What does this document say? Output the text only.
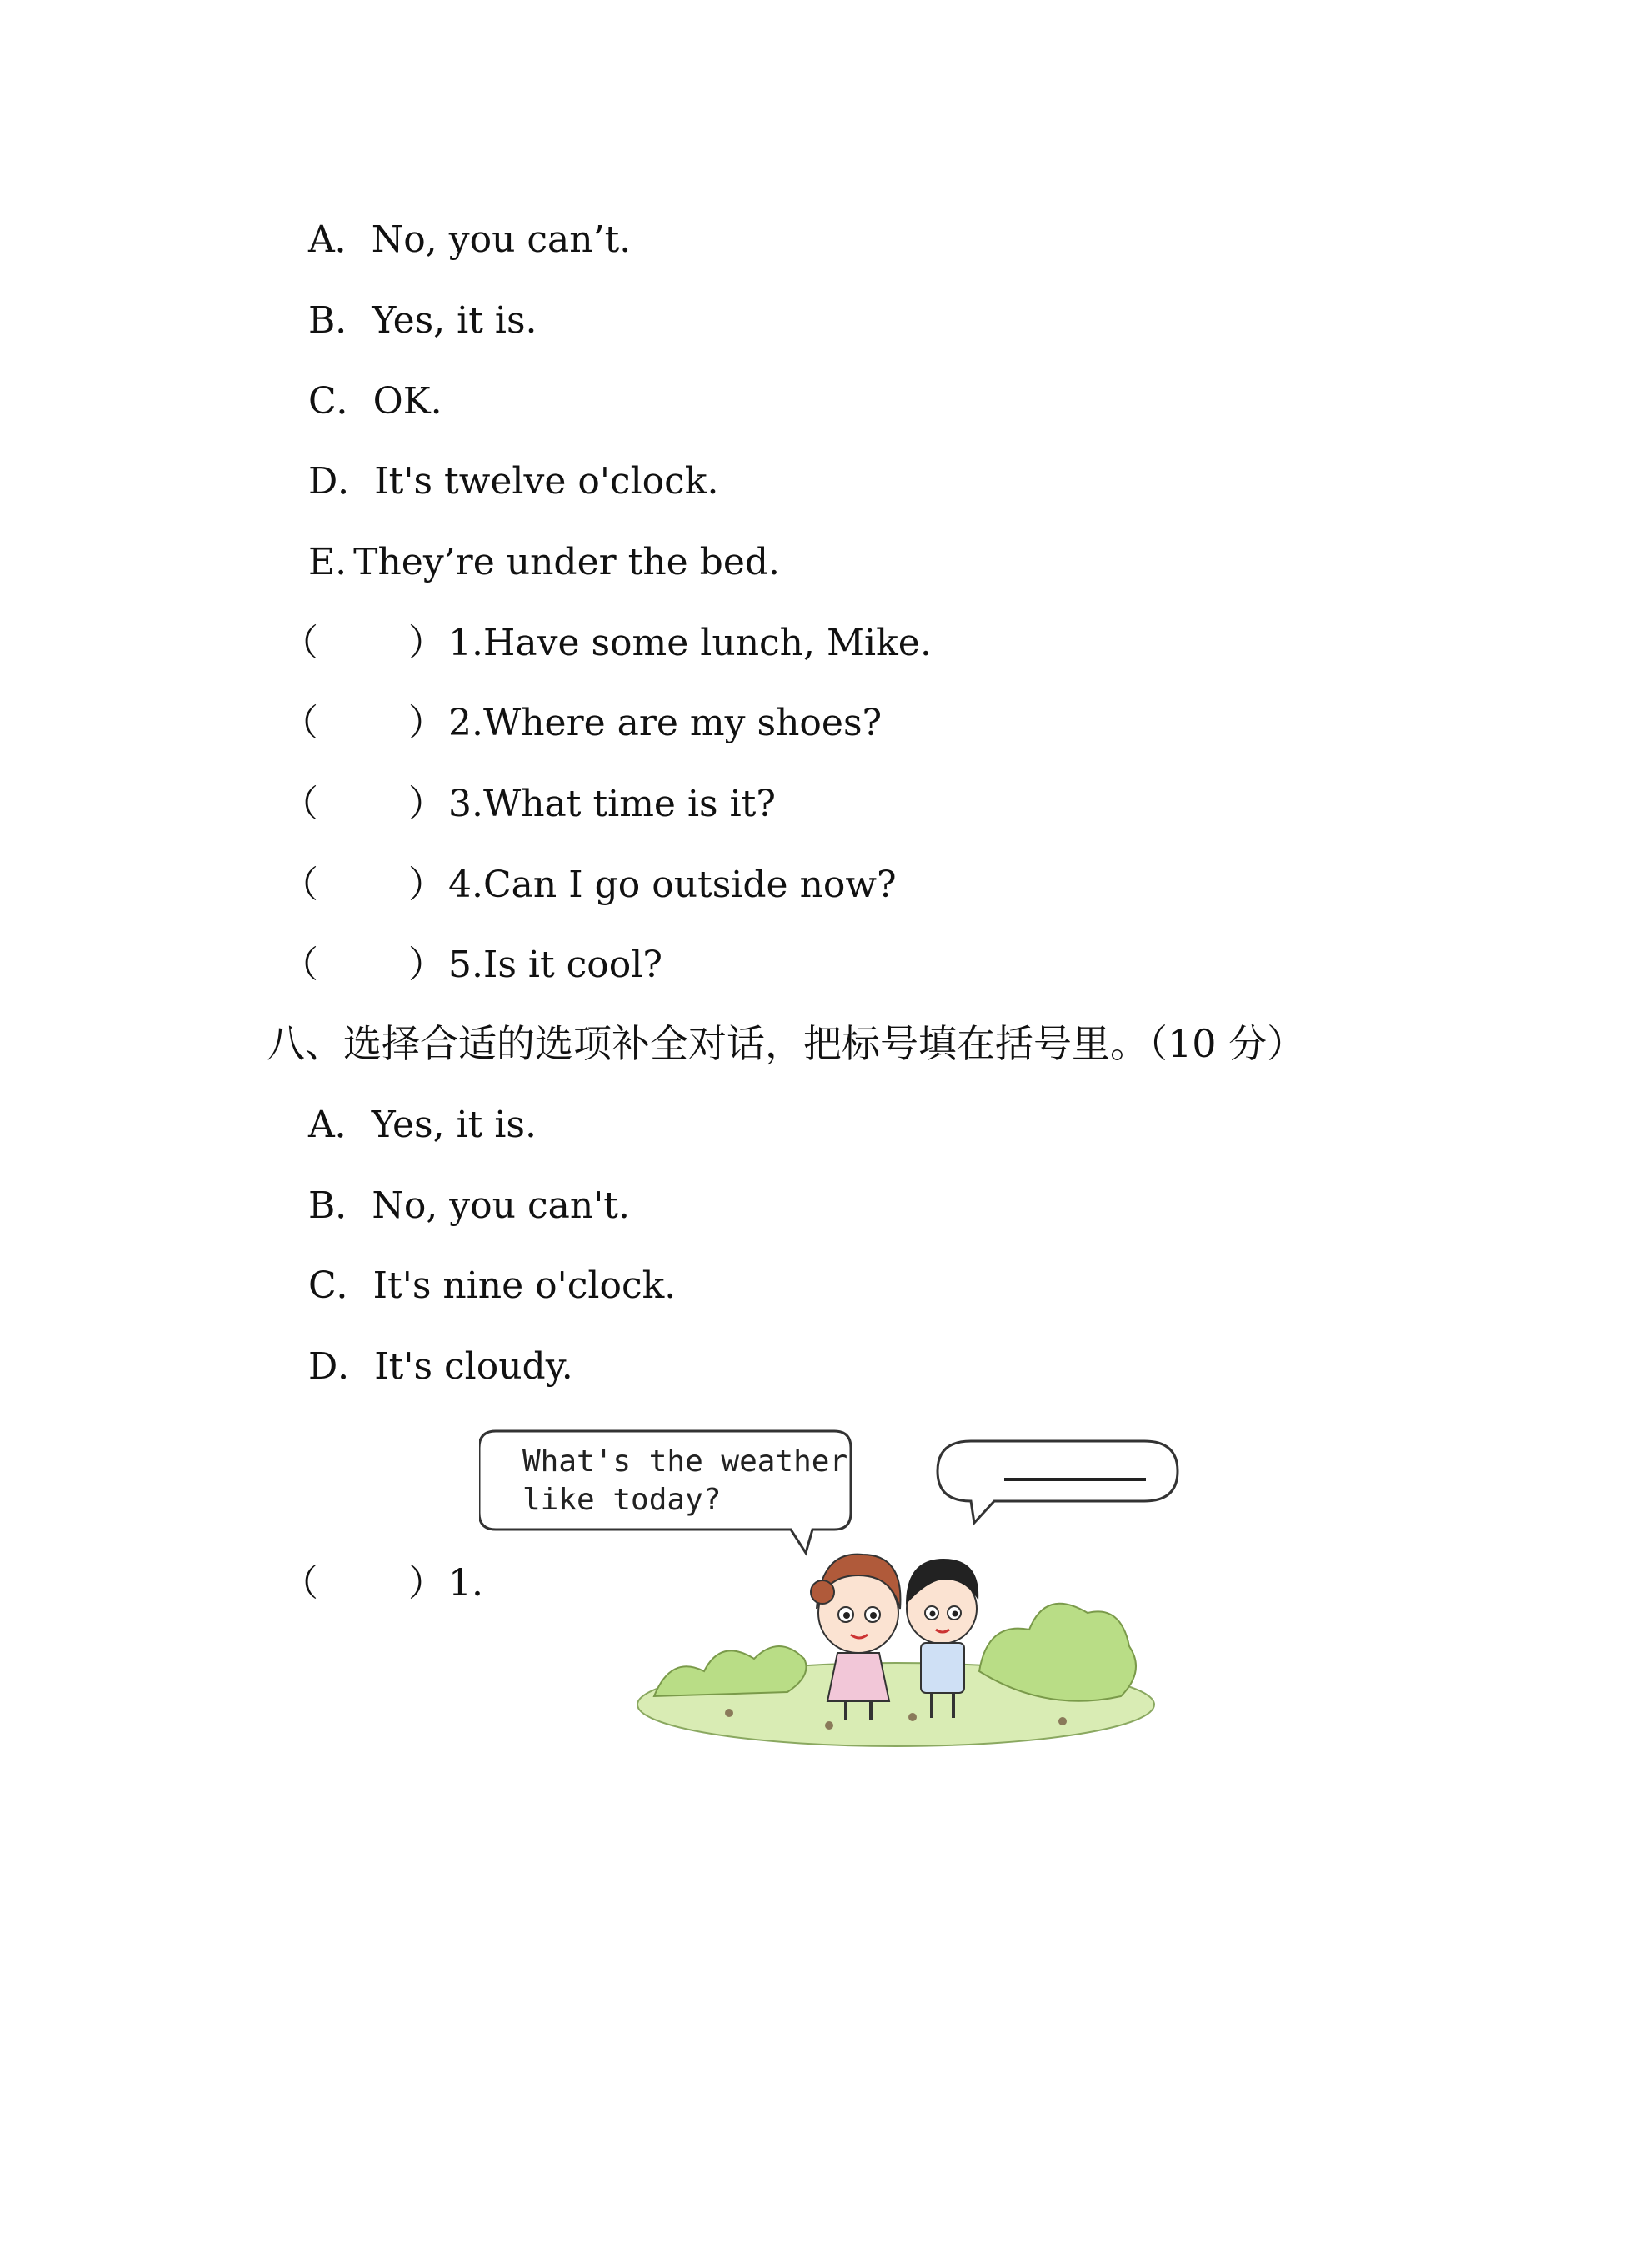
A．No, you can’t.
B．Yes, it is.
C．OK.
D．It's twelve o'clock.
E. They’re under the bed.
（ ） 1.Have some lunch, Mike.
（ ） 2.Where are my shoes?
（ ） 3.What time is it?
（ ） 4.Can I go outside now?
（ ） 5.Is it cool?
八、选择合适的选项补全对话，把标号填在括号里。（10 分）
A．Yes, it is.
B．No, you can't.
C．It's nine o'clock.
D．It's cloudy.
（ ） 1.
What's the weather
like today?
